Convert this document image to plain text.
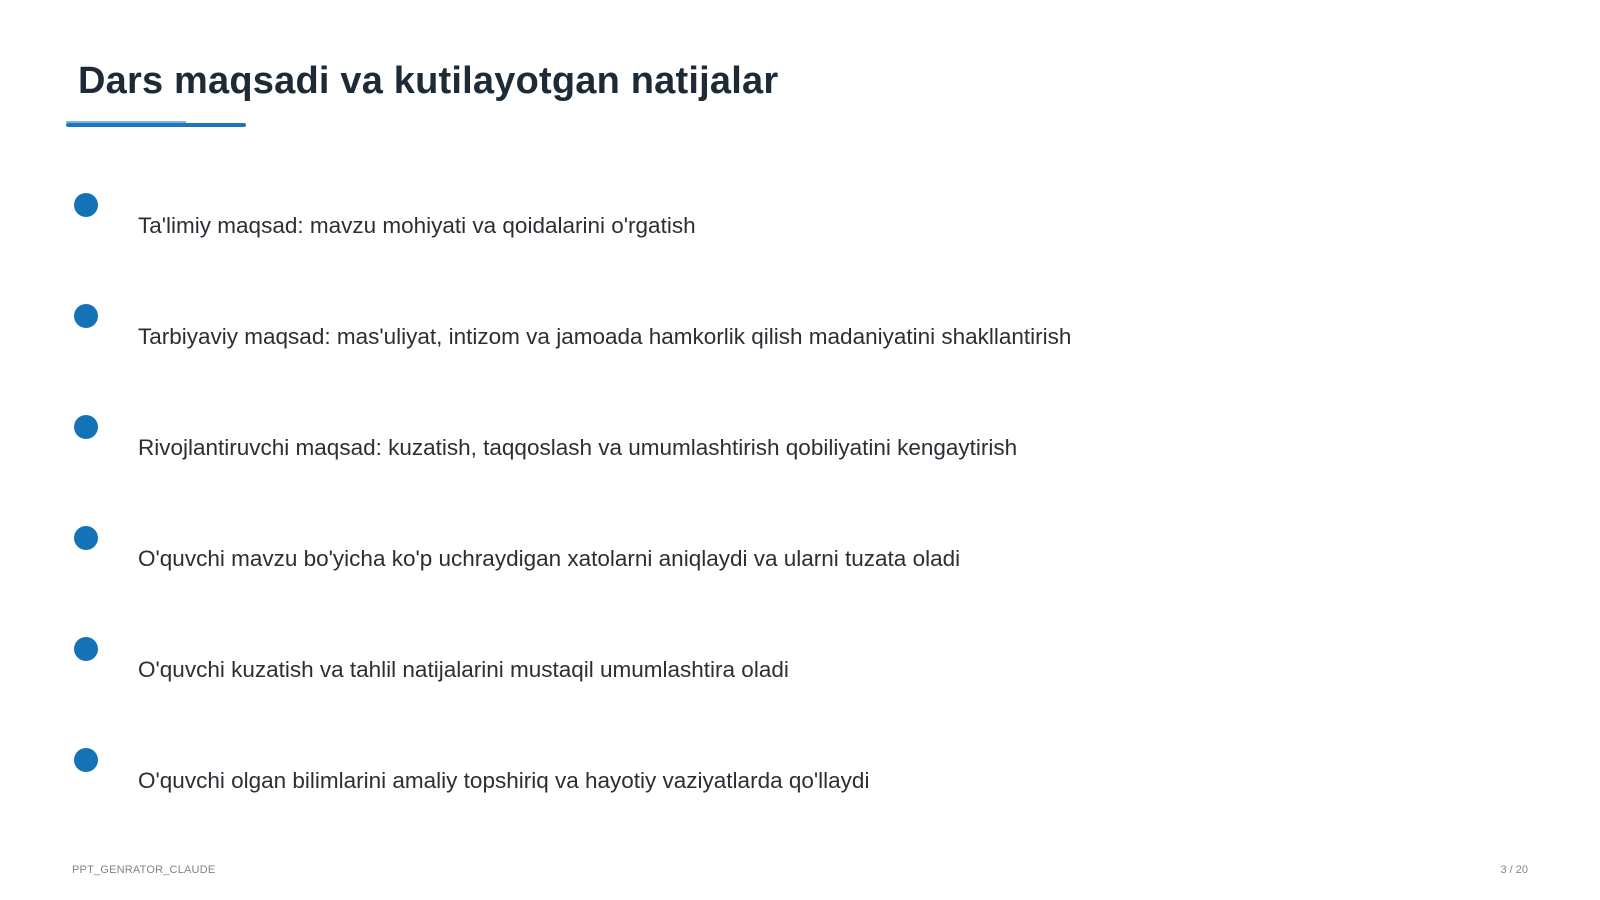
Dars maqsadi va kutilayotgan natijalar
Ta'limiy maqsad: mavzu mohiyati va qoidalarini o'rgatish
Tarbiyaviy maqsad: mas'uliyat, intizom va jamoada hamkorlik qilish madaniyatini shakllantirish
Rivojlantiruvchi maqsad: kuzatish, taqqoslash va umumlashtirish qobiliyatini kengaytirish
O'quvchi mavzu bo'yicha ko'p uchraydigan xatolarni aniqlaydi va ularni tuzata oladi
O'quvchi kuzatish va tahlil natijalarini mustaqil umumlashtira oladi
O'quvchi olgan bilimlarini amaliy topshiriq va hayotiy vaziyatlarda qo'llaydi
PPT_GENRATOR_CLAUDE	3 / 20
